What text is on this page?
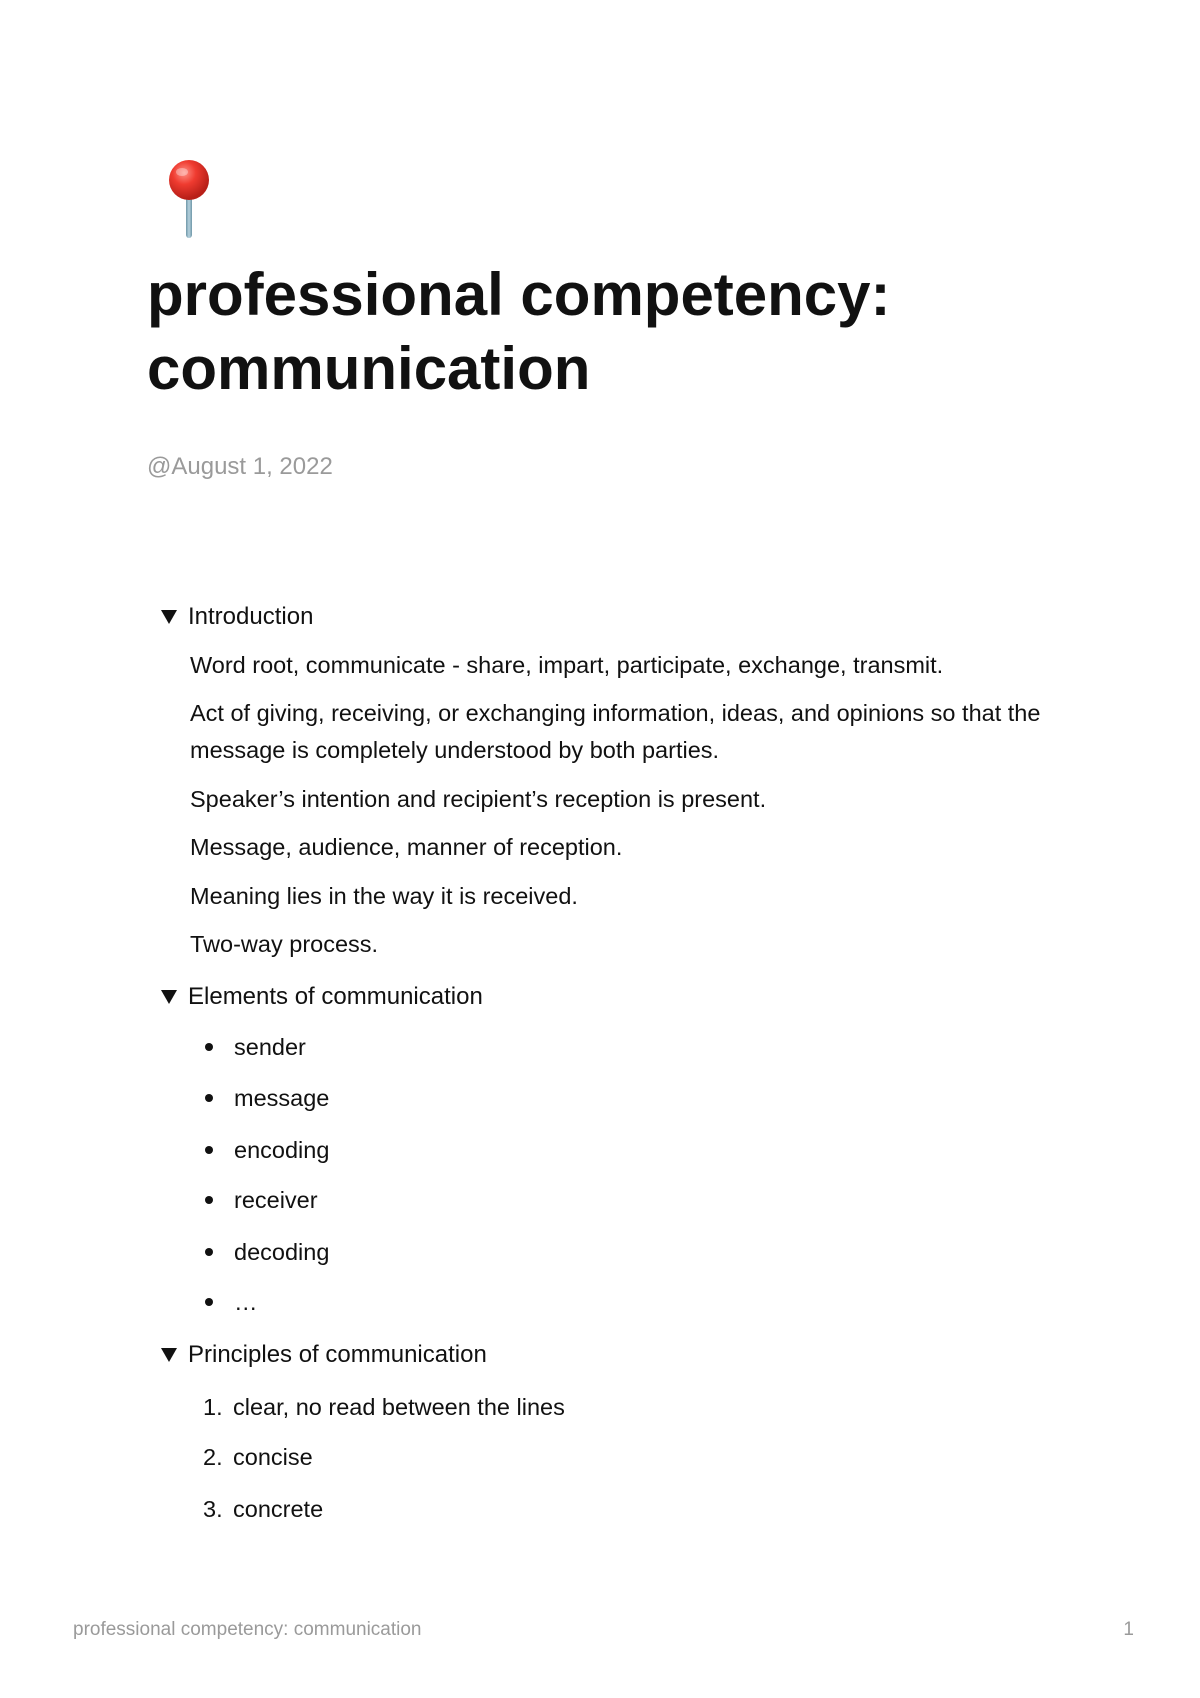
professional competency:
communication
@August 1, 2022
Introduction

Word root, communicate - share, impart, participate, exchange, transmit.

Act of giving, receiving, or exchanging information, ideas, and opinions so that the message is completely understood by both parties.

Speaker’s intention and recipient’s reception is present.

Message, audience, manner of reception.

Meaning lies in the way it is received.

Two-way process.

Elements of communication
sender
message
encoding
receiver
decoding
…
Principles of communication
1. clear, no read between the lines
2. concise
3. concrete
professional competency: communication	1
